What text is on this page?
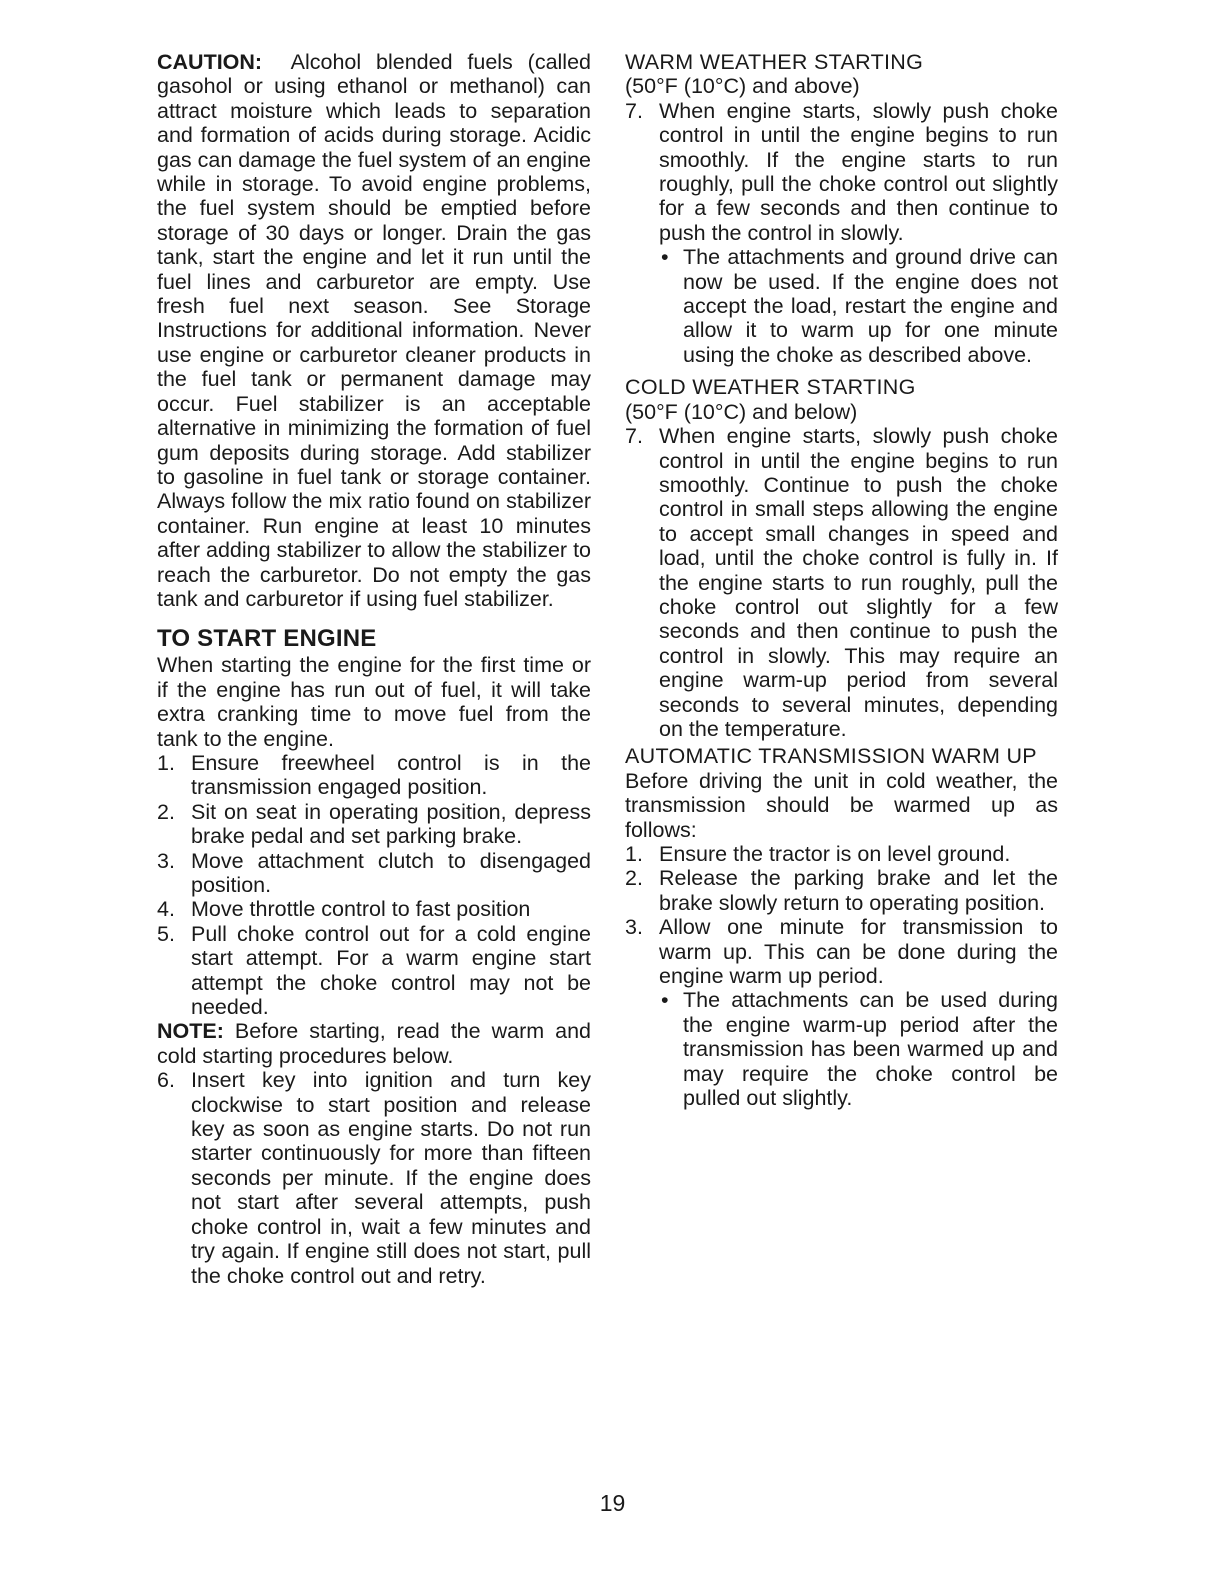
CAUTION: Alcohol blended fuels (called gasohol or using ethanol or methanol) can attract moisture which leads to separation and formation of acids during storage. Acidic gas can damage the fuel system of an engine while in storage. To avoid engine problems, the fuel system should be emptied before storage of 30 days or longer. Drain the gas tank, start the engine and let it run until the fuel lines and carburetor are empty. Use fresh fuel next season. See Storage Instructions for additional information. Never use engine or carburetor cleaner products in the fuel tank or permanent damage may occur. Fuel stabilizer is an acceptable alternative in minimizing the formation of fuel gum deposits during storage. Add stabilizer to gasoline in fuel tank or storage container. Always follow the mix ratio found on stabilizer container. Run engine at least 10 minutes after adding stabilizer to allow the stabilizer to reach the carburetor. Do not empty the gas tank and carburetor if using fuel stabilizer.

TO START ENGINE

When starting the engine for the first time or if the engine has run out of fuel, it will take extra cranking time to move fuel from the tank to the engine.

1. Ensure freewheel control is in the transmission engaged position.
2. Sit on seat in operating position, depress brake pedal and set parking brake.
3. Move attachment clutch to disengaged position.
4. Move throttle control to fast position
5. Pull choke control out for a cold engine start attempt. For a warm engine start attempt the choke control may not be needed.

NOTE: Before starting, read the warm and cold starting procedures below.

6. Insert key into ignition and turn key clockwise to start position and release key as soon as engine starts. Do not run starter continuously for more than fifteen seconds per minute. If the engine does not start after several attempts, push choke control in, wait a few minutes and try again. If engine still does not start, pull the choke control out and retry.

WARM WEATHER STARTING

(50°F (10°C) and above)

7. When engine starts, slowly push choke control in until the engine begins to run smoothly. If the engine starts to run roughly, pull the choke control out slightly for a few seconds and then continue to push the control in slowly.
• The attachments and ground drive can now be used. If the engine does not accept the load, restart the engine and allow it to warm up for one minute using the choke as described above.

COLD WEATHER STARTING

(50°F (10°C) and below)

7. When engine starts, slowly push choke control in until the engine begins to run smoothly. Continue to push the choke control in small steps allowing the engine to accept small changes in speed and load, until the choke control is fully in. If the engine starts to run roughly, pull the choke control out slightly for a few seconds and then continue to push the control in slowly. This may require an engine warm-up period from several seconds to several minutes, depending on the temperature.

AUTOMATIC TRANSMISSION WARM UP

Before driving the unit in cold weather, the transmission should be warmed up as follows:

1. Ensure the tractor is on level ground.
2. Release the parking brake and let the brake slowly return to operating position.
3. Allow one minute for transmission to warm up. This can be done during the engine warm up period.
• The attachments can be used during the engine warm-up period after the transmission has been warmed up and may require the choke control be pulled out slightly.
19
